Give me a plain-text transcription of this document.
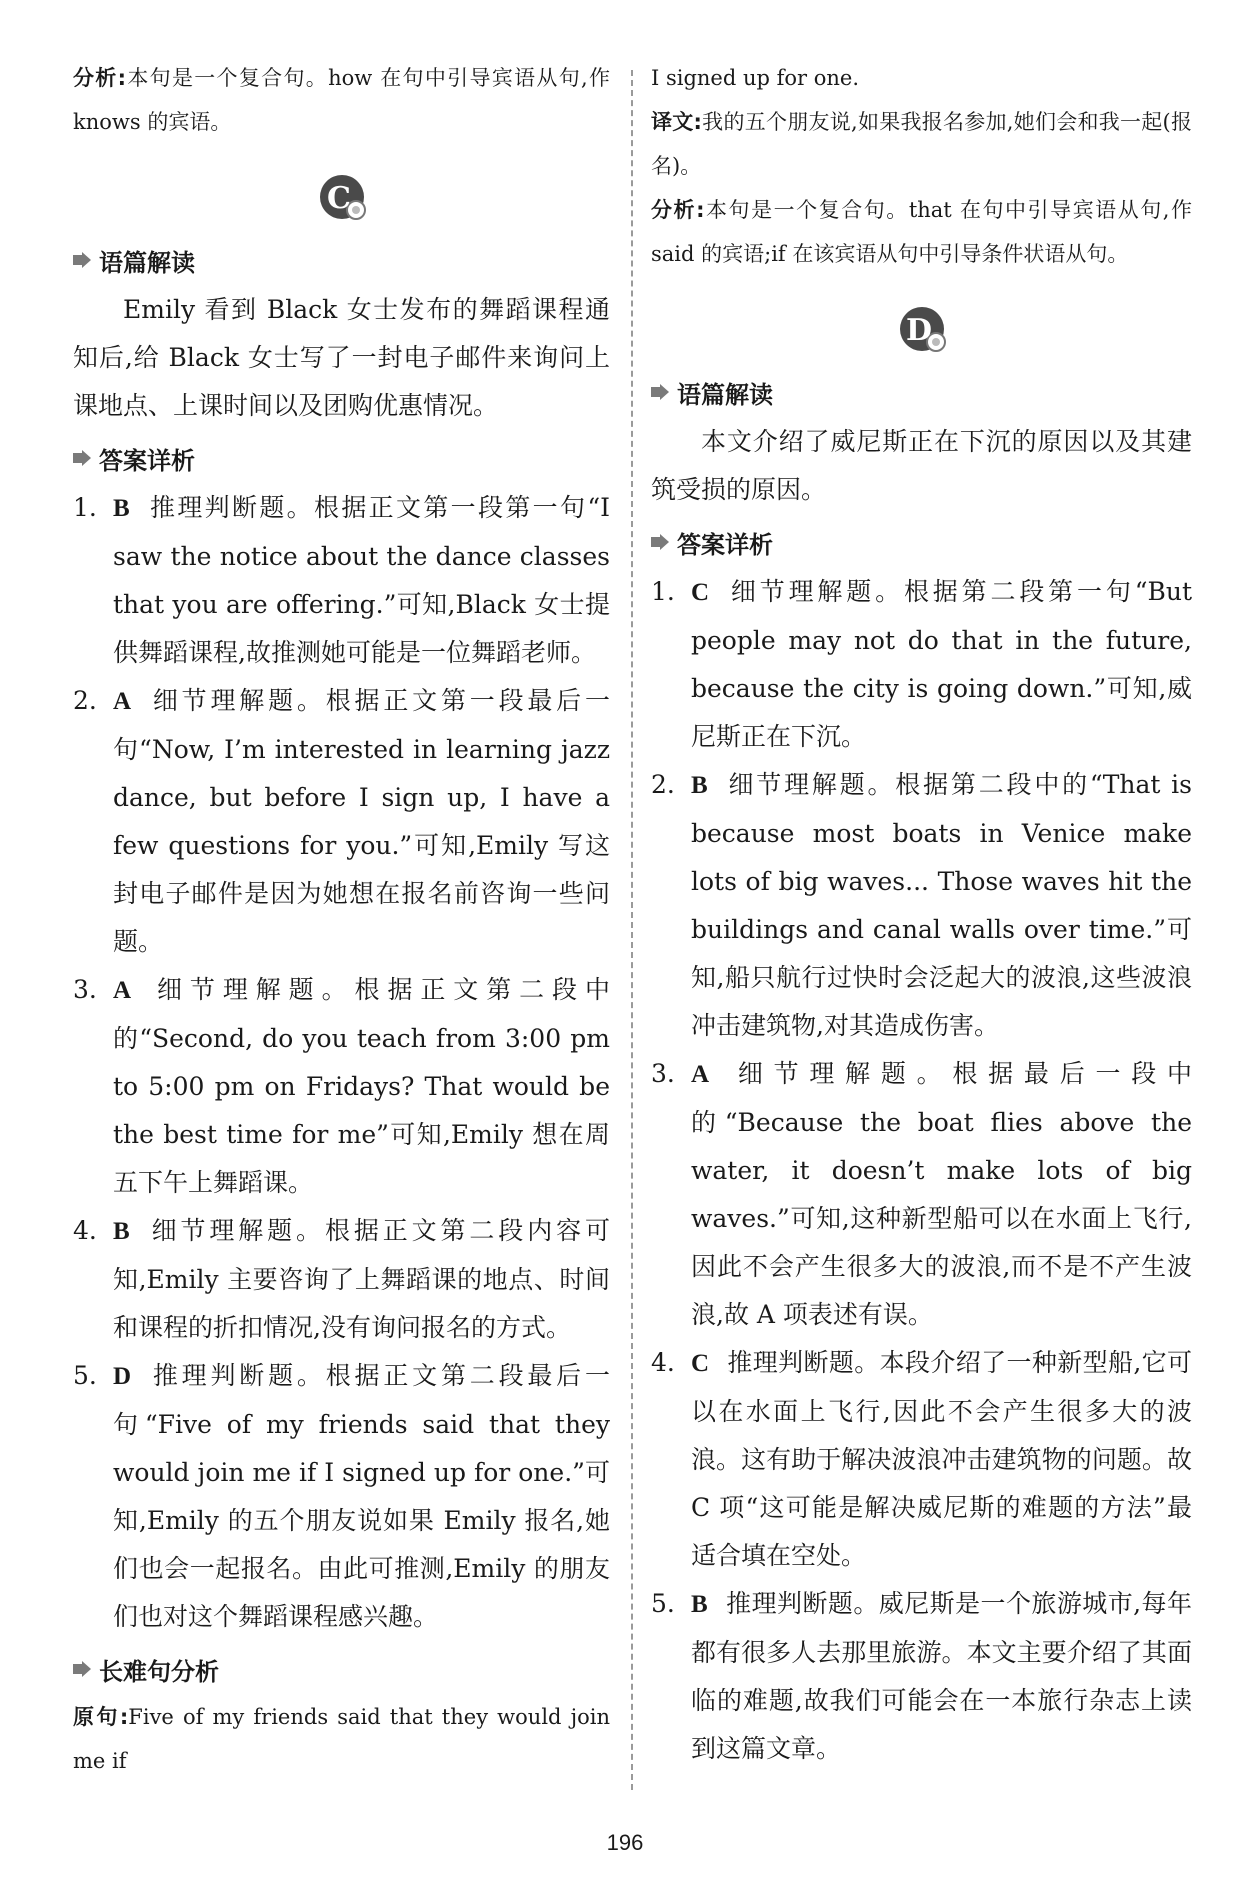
分析:本句是一个复合句。how 在句中引导宾语从句,作 knows 的宾语。

C
语篇解读

Emily 看到 Black 女士发布的舞蹈课程通知后,给 Black 女士写了一封电子邮件来询问上课地点、上课时间以及团购优惠情况。

答案详析
1. B 推理判断题。根据正文第一段第一句“I saw the notice about the dance classes that you are offering.”可知,Black 女士提供舞蹈课程,故推测她可能是一位舞蹈老师。
2. A 细节理解题。根据正文第一段最后一句“Now, I’m interested in learning jazz dance, but before I sign up, I have a few questions for you.”可知,Emily 写这封电子邮件是因为她想在报名前咨询一些问题。
3. A 细节理解题。根据正文第二段中的“Second, do you teach from 3:00 pm to 5:00 pm on Fridays? That would be the best time for me”可知,Emily 想在周五下午上舞蹈课。
4. B 细节理解题。根据正文第二段内容可知,Emily 主要咨询了上舞蹈课的地点、时间和课程的折扣情况,没有询问报名的方式。
5. D 推理判断题。根据正文第二段最后一句“Five of my friends said that they would join me if I signed up for one.”可知,Emily 的五个朋友说如果 Emily 报名,她们也会一起报名。由此可推测,Emily 的朋友们也对这个舞蹈课程感兴趣。
长难句分析

原句:Five of my friends said that they would join me if

I signed up for one.

译文:我的五个朋友说,如果我报名参加,她们会和我一起(报名)。

分析:本句是一个复合句。that 在句中引导宾语从句,作 said 的宾语;if 在该宾语从句中引导条件状语从句。

D
语篇解读

本文介绍了威尼斯正在下沉的原因以及其建筑受损的原因。

答案详析
1. C 细节理解题。根据第二段第一句“But people may not do that in the future, because the city is going down.”可知,威尼斯正在下沉。
2. B 细节理解题。根据第二段中的“That is because most boats in Venice make lots of big waves... Those waves hit the buildings and canal walls over time.”可知,船只航行过快时会泛起大的波浪,这些波浪冲击建筑物,对其造成伤害。
3. A 细节理解题。根据最后一段中的“Because the boat flies above the water, it doesn’t make lots of big waves.”可知,这种新型船可以在水面上飞行,因此不会产生很多大的波浪,而不是不产生波浪,故 A 项表述有误。
4. C 推理判断题。本段介绍了一种新型船,它可以在水面上飞行,因此不会产生很多大的波浪。这有助于解决波浪冲击建筑物的问题。故 C 项“这可能是解决威尼斯的难题的方法”最适合填在空处。
5. B 推理判断题。威尼斯是一个旅游城市,每年都有很多人去那里旅游。本文主要介绍了其面临的难题,故我们可能会在一本旅行杂志上读到这篇文章。
196
